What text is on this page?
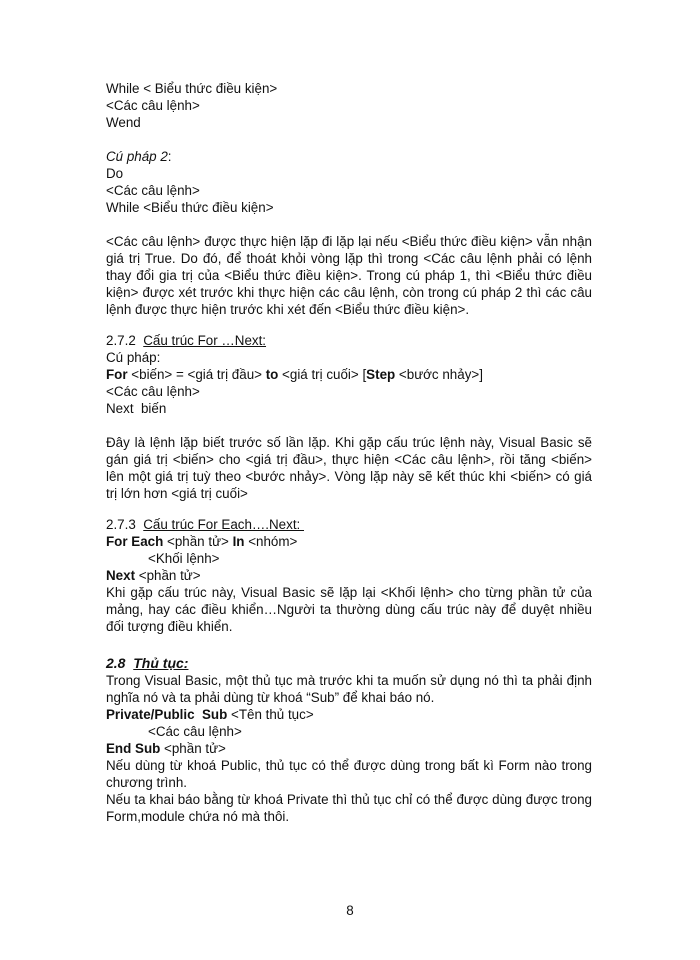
While < Biểu thức điều kiện>
<Các câu lệnh>
Wend
Cú pháp 2:
Do
<Các câu lệnh>
While <Biểu thức điều kiện>
<Các câu lệnh> được thực hiện lặp đi lặp lại nếu <Biểu thức điều kiện> vẫn nhận giá trị True. Do đó, để thoát khỏi vòng lặp thì trong <Các câu lệnh phải có lệnh thay đổi gia trị của <Biểu thức điều kiện>. Trong cú pháp 1, thì <Biểu thức điều kiện> được xét trước khi thực hiện các câu lệnh, còn trong cú pháp 2 thì các câu lệnh được thực hiện trước khi xét đến <Biểu thức điều kiện>.
2.7.2 Cấu trúc For …Next:
Cú pháp:
For <biến> = <giá trị đầu> to <giá trị cuối> [Step <bước nhảy>]
<Các câu lệnh>
Next  biến
Đây là lệnh lặp biết trước số lần lặp. Khi gặp cấu trúc lệnh này, Visual Basic sẽ gán giá trị <biến> cho <giá trị đầu>, thực hiện <Các câu lệnh>, rồi tăng <biến> lên một giá trị tuỳ theo <bước nhảy>. Vòng lặp này sẽ kết thúc khi <biến> có giá trị lớn hơn <giá trị cuối>
2.7.3 Cấu trúc For Each….Next:
For Each <phần tử> In <nhóm>
<Khối lệnh>
Next <phần tử>
Khi gặp cấu trúc này, Visual Basic sẽ lặp lại <Khối lệnh> cho từng phần tử của mảng, hay các điều khiển…Người ta thường dùng cấu trúc này để duyệt nhiều đối tượng điều khiển.
2.8 Thủ tục:
Trong Visual Basic, một thủ tục mà trước khi ta muốn sử dụng nó thì ta phải định nghĩa nó và ta phải dùng từ khoá “Sub” để khai báo nó.
Private/Public  Sub <Tên thủ tục>
<Các câu lệnh>
End Sub <phần tử>
Nếu dùng từ khoá Public, thủ tục có thể được dùng trong bất kì Form nào trong chương trình.
Nếu ta khai báo bằng từ khoá Private thì thủ tục chỉ có thể được dùng được trong Form,module chứa nó mà thôi.
8
